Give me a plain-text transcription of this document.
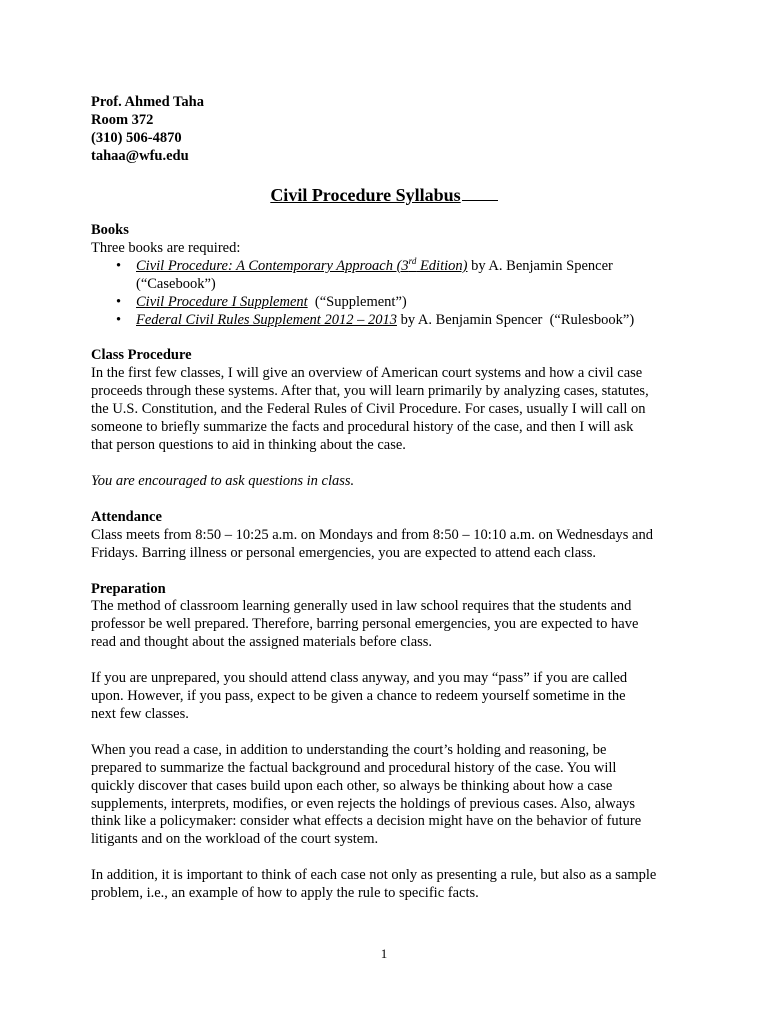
Prof. Ahmed Taha
Room 372
(310) 506-4870
tahaa@wfu.edu
Civil Procedure Syllabus
Books

Three books are required:

• Civil Procedure: A Contemporary Approach (3rd Edition) by A. Benjamin Spencer
(“Casebook”)
• Civil Procedure I Supplement  (“Supplement”)
• Federal Civil Rules Supplement 2012 – 2013 by A. Benjamin Spencer  (“Rulesbook”)
Class Procedure

In the first few classes, I will give an overview of American court systems and how a civil case

proceeds through these systems. After that, you will learn primarily by analyzing cases, statutes,

the U.S. Constitution, and the Federal Rules of Civil Procedure. For cases, usually I will call on

someone to briefly summarize the facts and procedural history of the case, and then I will ask

that person questions to aid in thinking about the case.

You are encouraged to ask questions in class.

Attendance

Class meets from 8:50 – 10:25 a.m. on Mondays and from 8:50 – 10:10 a.m. on Wednesdays and

Fridays. Barring illness or personal emergencies, you are expected to attend each class.

Preparation

The method of classroom learning generally used in law school requires that the students and

professor be well prepared. Therefore, barring personal emergencies, you are expected to have

read and thought about the assigned materials before class.

If you are unprepared, you should attend class anyway, and you may “pass” if you are called

upon. However, if you pass, expect to be given a chance to redeem yourself sometime in the

next few classes.

When you read a case, in addition to understanding the court’s holding and reasoning, be

prepared to summarize the factual background and procedural history of the case. You will

quickly discover that cases build upon each other, so always be thinking about how a case

supplements, interprets, modifies, or even rejects the holdings of previous cases. Also, always

think like a policymaker: consider what effects a decision might have on the behavior of future

litigants and on the workload of the court system.

In addition, it is important to think of each case not only as presenting a rule, but also as a sample

problem, i.e., an example of how to apply the rule to specific facts.

1
